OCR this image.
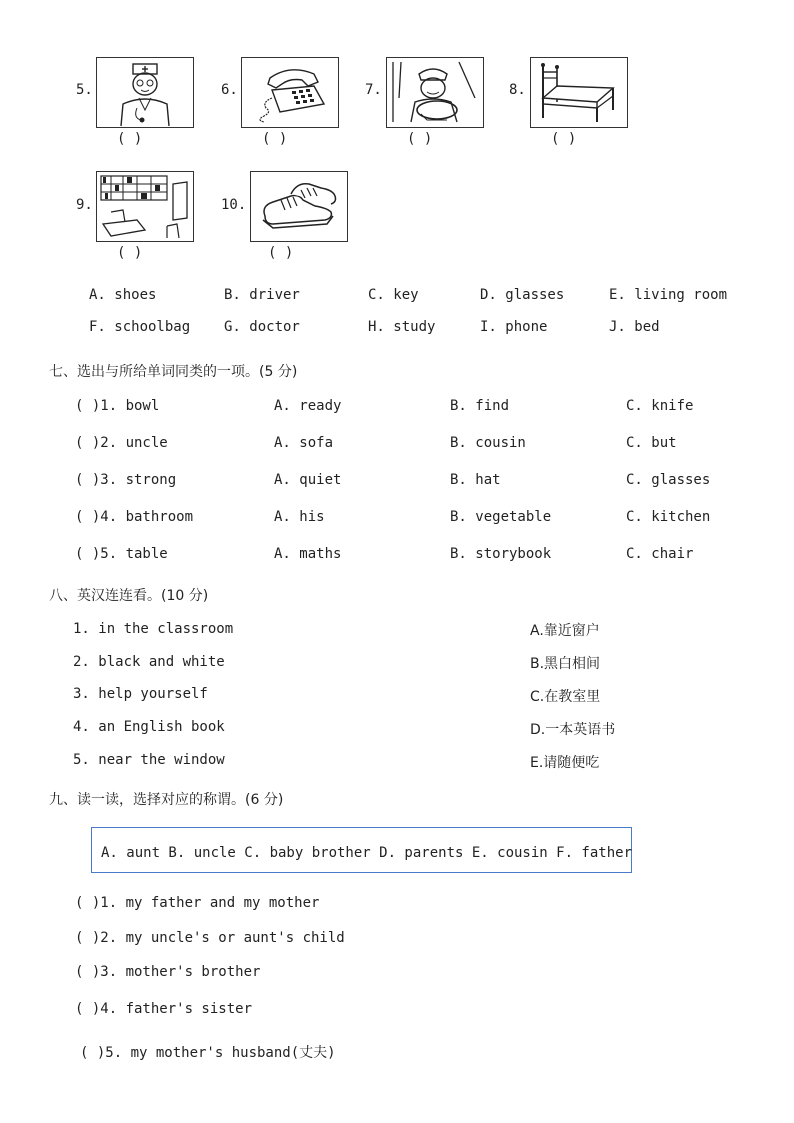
5.
( )
6.
( )
7.
( )
8.
( )
9.
( )
10.
( )
A. shoes	B. driver	C. key	D. glasses	E. living room
F. schoolbag G. doctor	H. study	I. phone	J. bed
七、选出与所给单词同类的一项。(5 分)
( )1. bowl	A. ready	B. find	C. knife
( )2. uncle	A. sofa	B. cousin	C. but
( )3. strong	A. quiet	B. hat	C. glasses
( )4. bathroom	A. his	B. vegetable	C. kitchen
( )5. table	A. maths	B. storybook	C. chair
八、英汉连连看。(10 分)
1. in the classroom
2. black and white
3. help yourself
4. an English book
5. near the window
A.靠近窗户
B.黑白相间
C.在教室里
D.一本英语书
E.请随便吃
九、读一读，选择对应的称谓。(6 分)
A. aunt B. uncle C. baby brother D. parents E. cousin F. father
( )1. my father and my mother
( )2. my uncle's or aunt's child
( )3. mother's brother
( )4. father's sister
( )5. my mother's husband(丈夫)
